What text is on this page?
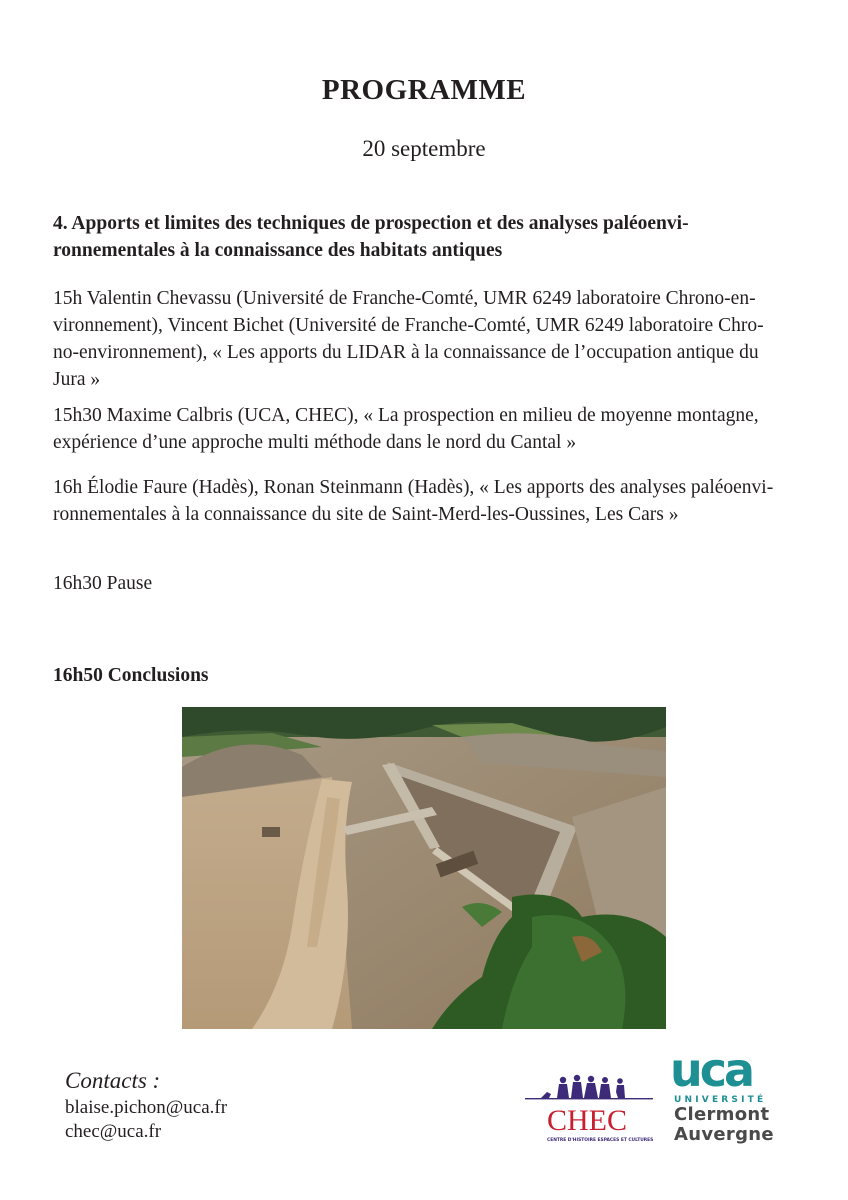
PROGRAMME
20 septembre
4. Apports et limites des techniques de prospection et des analyses paléoenvi-
ronnementales à la connaissance des habitats antiques
15h Valentin Chevassu (Université de Franche-Comté, UMR 6249 laboratoire Chrono-en-
vironnement), Vincent Bichet (Université de Franche-Comté, UMR 6249 laboratoire Chro-
no-environnement), « Les apports du LIDAR à la connaissance de l’occupation antique du
Jura »
15h30 Maxime Calbris (UCA, CHEC), « La prospection en milieu de moyenne montagne,
expérience d’une approche multi méthode dans le nord du Cantal »
16h Élodie Faure (Hadès), Ronan Steinmann (Hadès), « Les apports des analyses paléoenvi-
ronnementales à la connaissance du site de Saint-Merd-les-Oussines, Les Cars »
16h30 Pause
16h50 Conclusions
Contacts :
blaise.pichon@uca.fr
chec@uca.fr	CHEC
CENTRE D'HISTOIRE ESPACES ET CULTURES
uca
UNIVERSITÉ
Clermont
Auvergne
